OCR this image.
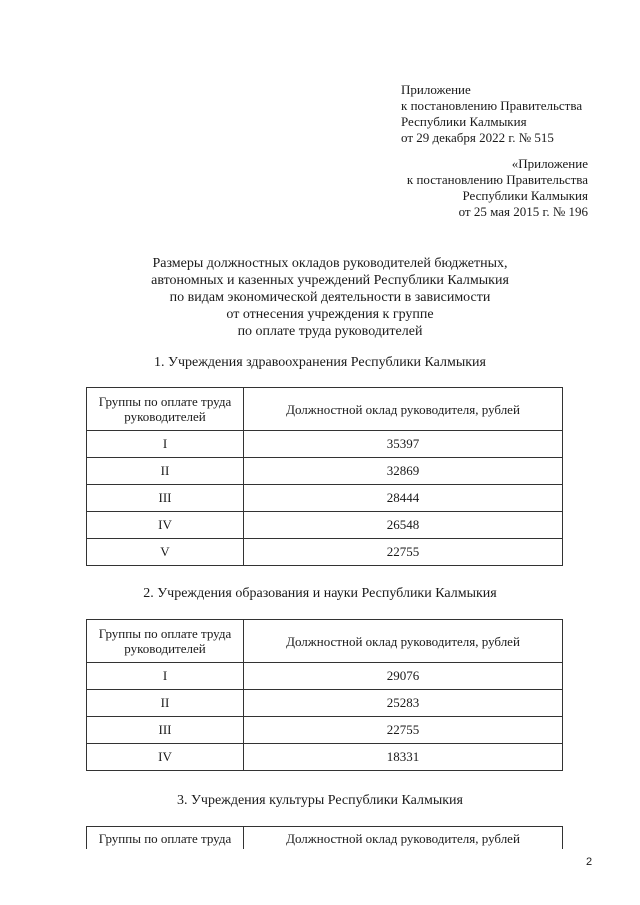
Приложение
к постановлению Правительства
Республики Калмыкия
от 29 декабря 2022 г. № 515
«Приложение
к постановлению Правительства
Республики Калмыкия
от 25 мая 2015 г. № 196
Размеры должностных окладов руководителей бюджетных,
автономных и казенных учреждений Республики Калмыкия
по видам экономической деятельности в зависимости
от отнесения учреждения к группе
по оплате труда руководителей
1. Учреждения здравоохранения Республики Калмыкия
Группы по оплате труда
руководителей	Должностной оклад руководителя, рублей
I	35397
II	32869
III	28444
IV	26548
V	22755
2. Учреждения образования и науки Республики Калмыкия
Группы по оплате труда
руководителей	Должностной оклад руководителя, рублей
I	29076
II	25283
III	22755
IV	18331
3. Учреждения культуры Республики Калмыкия
Группы по оплате труда	Должностной оклад руководителя, рублей
2
